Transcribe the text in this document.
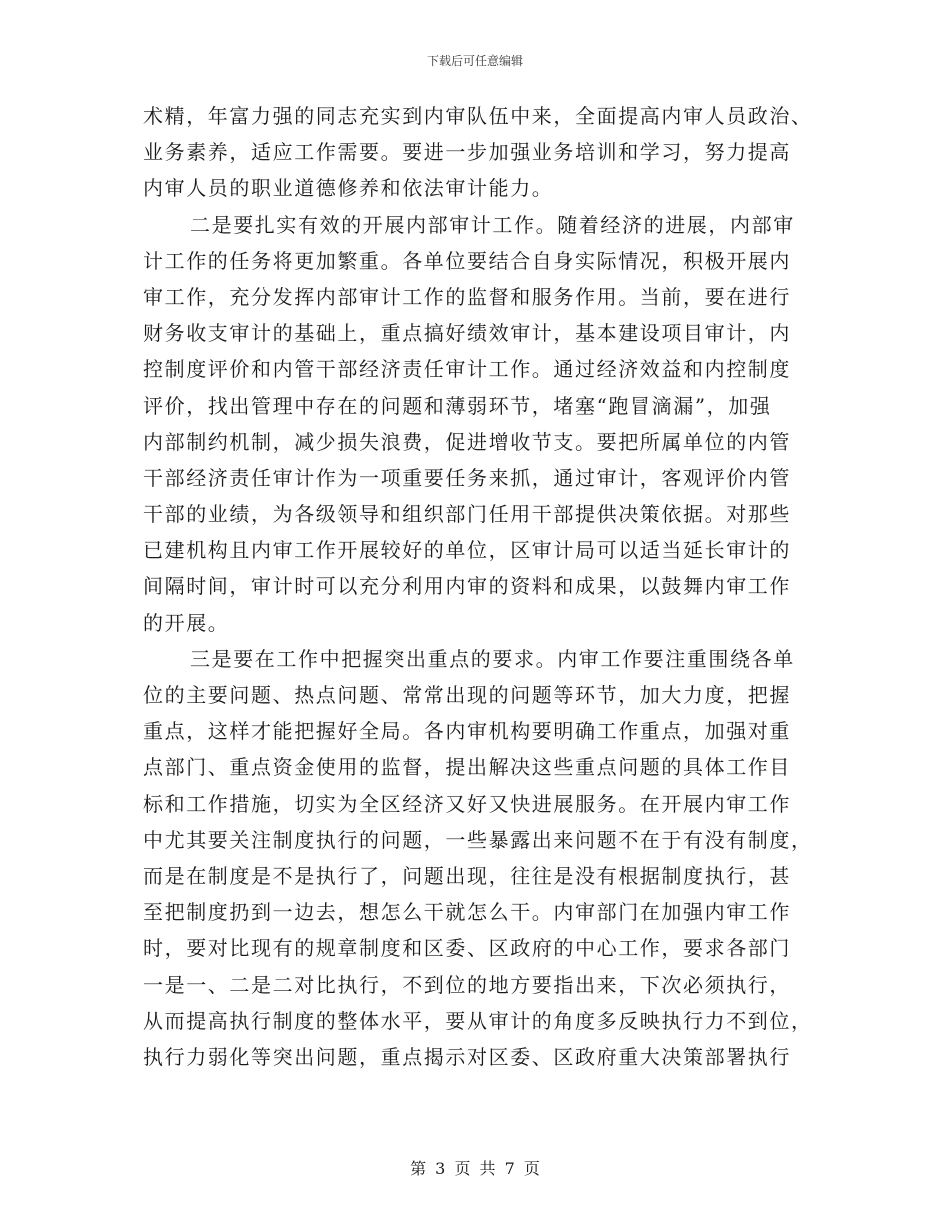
下载后可任意编辑
术精，年富力强的同志充实到内审队伍中来，全面提高内审人员政治、
业务素养，适应工作需要。要进一步加强业务培训和学习，努力提高
内审人员的职业道德修养和依法审计能力。
二是要扎实有效的开展内部审计工作。随着经济的进展，内部审
计工作的任务将更加繁重。各单位要结合自身实际情况，积极开展内
审工作，充分发挥内部审计工作的监督和服务作用。当前，要在进行
财务收支审计的基础上，重点搞好绩效审计，基本建设项目审计，内
控制度评价和内管干部经济责任审计工作。通过经济效益和内控制度
评价，找出管理中存在的问题和薄弱环节，堵塞“跑冒滴漏”，加强
内部制约机制，减少损失浪费，促进增收节支。要把所属单位的内管
干部经济责任审计作为一项重要任务来抓，通过审计，客观评价内管
干部的业绩，为各级领导和组织部门任用干部提供决策依据。对那些
已建机构且内审工作开展较好的单位，区审计局可以适当延长审计的
间隔时间，审计时可以充分利用内审的资料和成果，以鼓舞内审工作
的开展。
三是要在工作中把握突出重点的要求。内审工作要注重围绕各单
位的主要问题、热点问题、常常出现的问题等环节，加大力度，把握
重点，这样才能把握好全局。各内审机构要明确工作重点，加强对重
点部门、重点资金使用的监督，提出解决这些重点问题的具体工作目
标和工作措施，切实为全区经济又好又快进展服务。在开展内审工作
中尤其要关注制度执行的问题，一些暴露出来问题不在于有没有制度，
而是在制度是不是执行了，问题出现，往往是没有根据制度执行，甚
至把制度扔到一边去，想怎么干就怎么干。内审部门在加强内审工作
时，要对比现有的规章制度和区委、区政府的中心工作，要求各部门
一是一、二是二对比执行，不到位的地方要指出来，下次必须执行，
从而提高执行制度的整体水平，要从审计的角度多反映执行力不到位，
执行力弱化等突出问题，重点揭示对区委、区政府重大决策部署执行
第 3 页 共 7 页
